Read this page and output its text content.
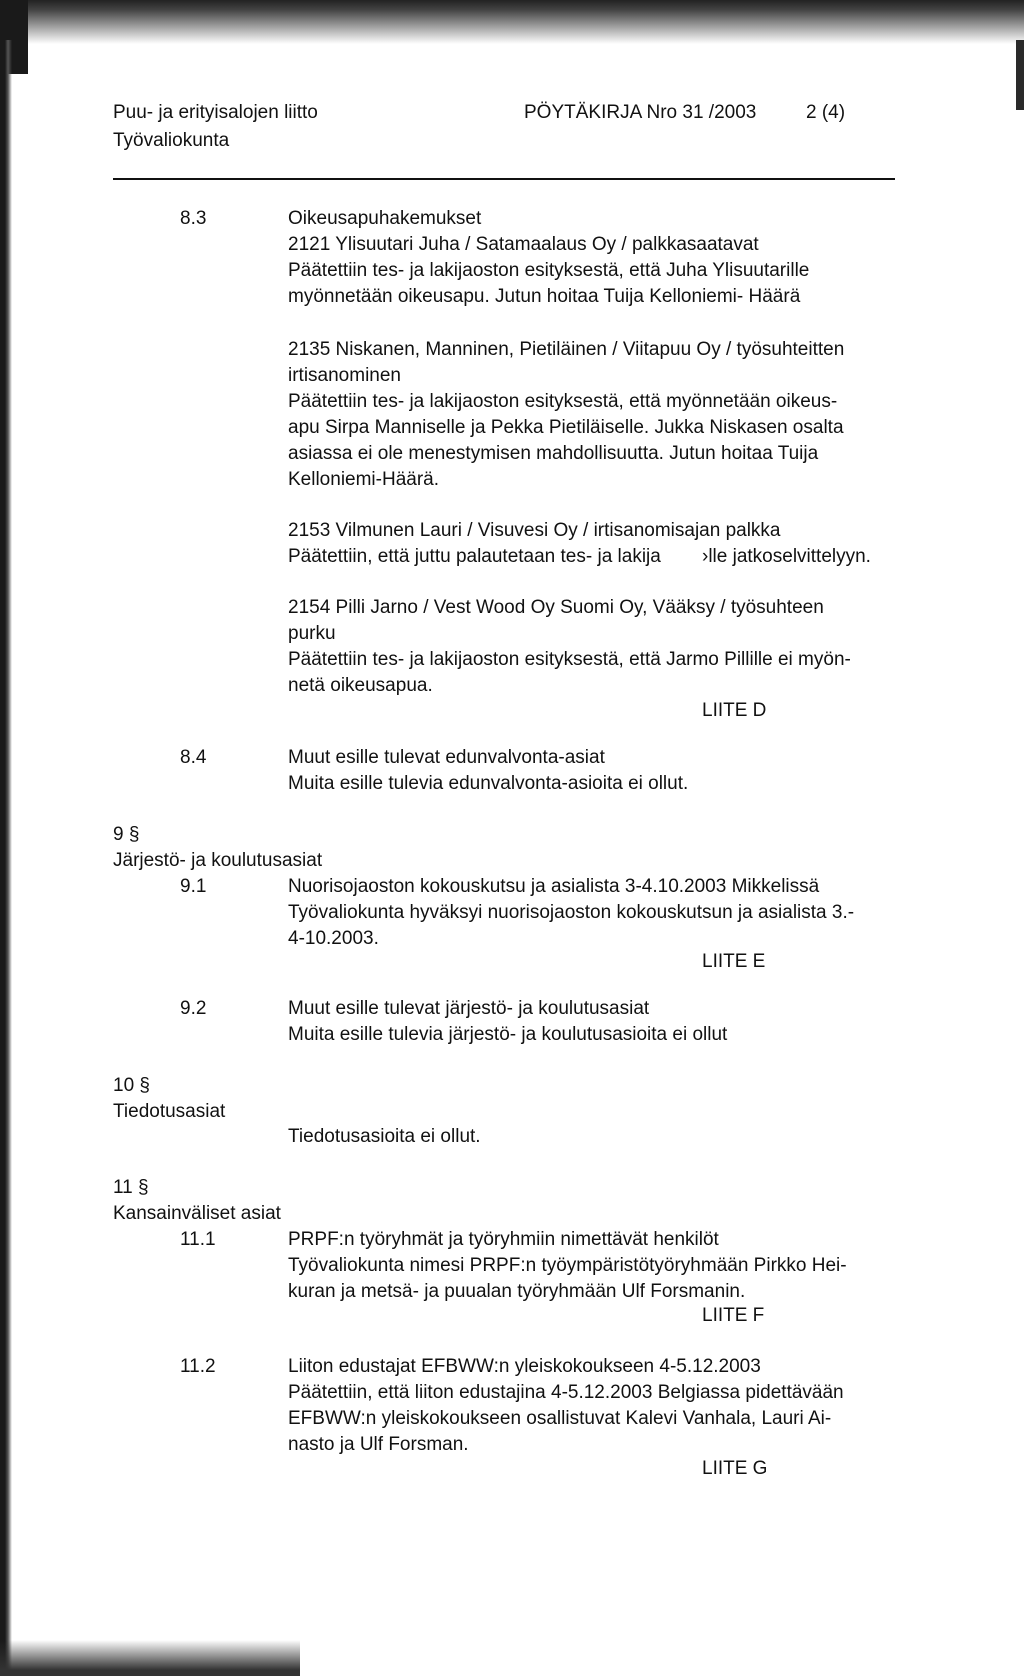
Puu- ja erityisalojen liitto
Työvaliokunta
PÖYTÄKIRJA Nro 31 /2003	2 (4)
8.3	Oikeusapuhakemukset
2121 Ylisuutari Juha / Satamaalaus Oy / palkkasaatavat
Päätettiin tes- ja lakijaoston esityksestä, että Juha Ylisuutarille
myönnetään oikeusapu. Jutun hoitaa Tuija Kelloniemi- Häärä
2135 Niskanen, Manninen, Pietiläinen / Viitapuu Oy / työsuhteitten
irtisanominen
Päätettiin tes- ja lakijaoston esityksestä, että myönnetään oikeus-
apu Sirpa Manniselle ja Pekka Pietiläiselle. Jukka Niskasen osalta
asiassa ei ole menestymisen mahdollisuutta. Jutun hoitaa Tuija
Kelloniemi-Häärä.
2153 Vilmunen Lauri / Visuvesi Oy / irtisanomisajan palkka
Päätettiin, että juttu palautetaan tes- ja lakija ›lle jatkoselvittelyyn.
2154 Pilli Jarno / Vest Wood Oy Suomi Oy, Vääksy / työsuhteen
purku
Päätettiin tes- ja lakijaoston esityksestä, että Jarmo Pillille ei myön-
netä oikeusapua.
LIITE D
8.4	Muut esille tulevat edunvalvonta-asiat
Muita esille tulevia edunvalvonta-asioita ei ollut.
9 §
Järjestö- ja koulutusasiat
9.1	Nuorisojaoston kokouskutsu ja asialista 3-4.10.2003 Mikkelissä
Työvaliokunta hyväksyi nuorisojaoston kokouskutsun ja asialista 3.-
4-10.2003.
LIITE E
9.2	Muut esille tulevat järjestö- ja koulutusasiat
Muita esille tulevia järjestö- ja koulutusasioita ei ollut
10 §
Tiedotusasiat
Tiedotusasioita ei ollut.
11 §
Kansainväliset asiat
11.1	PRPF:n työryhmät ja työryhmiin nimettävät henkilöt
Työvaliokunta nimesi PRPF:n työympäristötyöryhmään Pirkko Hei-
kuran ja metsä- ja puualan työryhmään Ulf Forsmanin.
LIITE F
11.2	Liiton edustajat EFBWW:n yleiskokoukseen 4-5.12.2003
Päätettiin, että liiton edustajina 4-5.12.2003 Belgiassa pidettävään
EFBWW:n yleiskokoukseen osallistuvat Kalevi Vanhala, Lauri Ai-
nasto ja Ulf Forsman.
LIITE G
